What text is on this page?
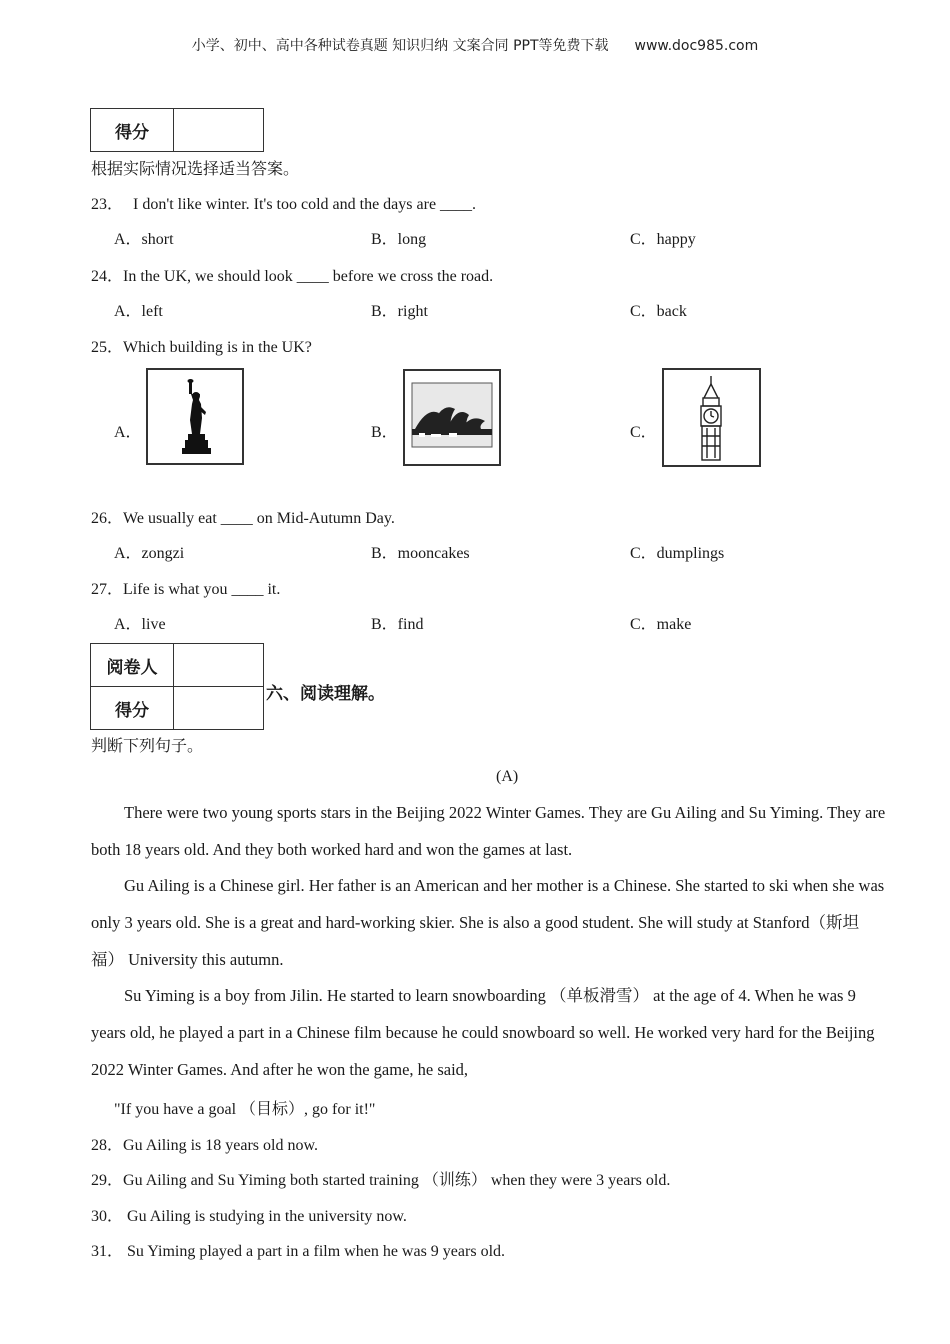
小学、初中、高中各种试卷真题 知识归纳 文案合同 PPT等免费下载 www.doc985.com
得分	
根据实际情况选择适当答案。
23． I don't like winter. It's too cold and the days are ____.
A．short	B．long	C．happy
24．In the UK, we should look ____ before we cross the road.
A．left	B．right	C．back
25．Which building is in the UK?
A．	B．	C．
26．We usually eat ____ on Mid-Autumn Day.
A．zongzi	B．mooncakes	C．dumplings
27．Life is what you ____ it.
A．live	B．find	C．make
阅卷人	
得分	
六、阅读理解。
判断下列句子。
(A)
There were two young sports stars in the Beijing 2022 Winter Games. They are Gu Ailing and Su Yiming. They are both 18 years old. And they both worked hard and won the games at last.
Gu Ailing is a Chinese girl. Her father is an American and her mother is a Chinese. She started to ski when she was only 3 years old. She is a great and hard-working skier. She is also a good student. She will study at Stanford（斯坦福） University this autumn.
Su Yiming is a boy from Jilin. He started to learn snowboarding （单板滑雪） at the age of 4. When he was 9 years old, he played a part in a Chinese film because he could snowboard so well. He worked very hard for the Beijing 2022 Winter Games. And after he won the game, he said,
"If you have a goal （目标）, go for it!"
28．Gu Ailing is 18 years old now.
29．Gu Ailing and Su Yiming both started training （训练） when they were 3 years old.
30． Gu Ailing is studying in the university now.
31． Su Yiming played a part in a film when he was 9 years old.
